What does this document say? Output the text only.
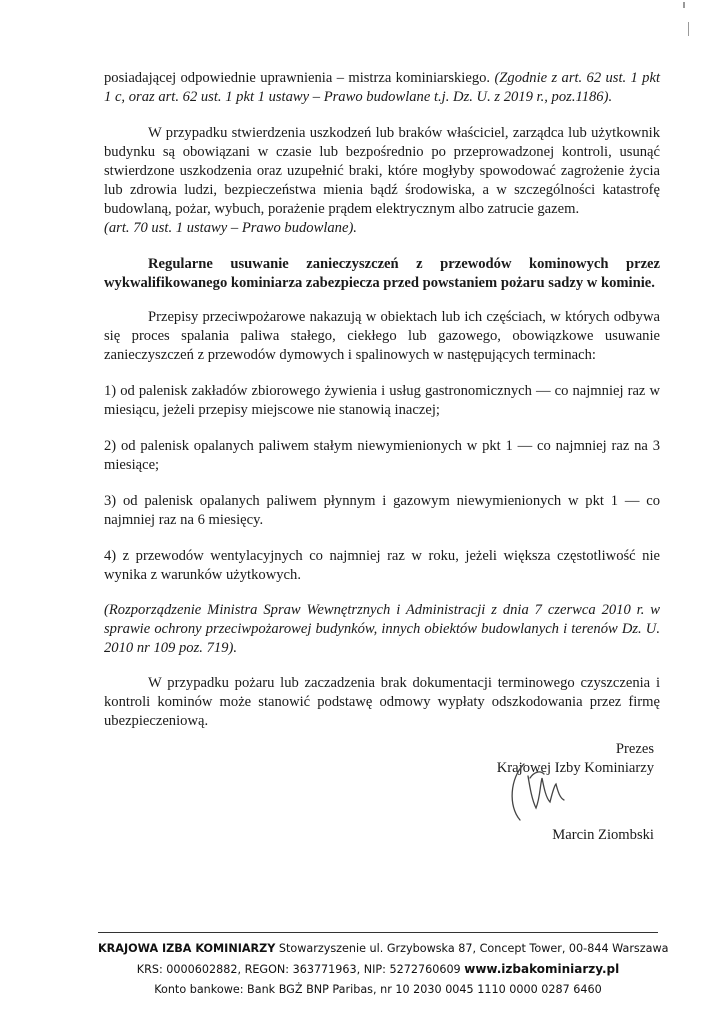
posiadającej odpowiednie uprawnienia – mistrza kominiarskiego. (Zgodnie z art. 62 ust. 1 pkt 1 c, oraz art. 62 ust. 1 pkt 1 ustawy – Prawo budowlane t.j. Dz. U. z 2019 r., poz.1186).

W przypadku stwierdzenia uszkodzeń lub braków właściciel, zarządca lub użytkownik budynku są obowiązani w czasie lub bezpośrednio po przeprowadzonej kontroli, usunąć stwierdzone uszkodzenia oraz uzupełnić braki, które mogłyby spowodować zagrożenie życia lub zdrowia ludzi, bezpieczeństwa mienia bądź środowiska, a w szczególności katastrofę budowlaną, pożar, wybuch, porażenie prądem elektrycznym albo zatrucie gazem.

(art. 70 ust. 1 ustawy – Prawo budowlane).

Regularne usuwanie zanieczyszczeń z przewodów kominowych przez wykwalifikowanego kominiarza zabezpiecza przed powstaniem pożaru sadzy w kominie.

Przepisy przeciwpożarowe nakazują w obiektach lub ich częściach, w których odbywa się proces spalania paliwa stałego, ciekłego lub gazowego, obowiązkowe usuwanie zanieczyszczeń z przewodów dymowych i spalinowych w następujących terminach:

1) od palenisk zakładów zbiorowego żywienia i usług gastronomicznych — co najmniej raz w miesiącu, jeżeli przepisy miejscowe nie stanowią inaczej;

2) od palenisk opalanych paliwem stałym niewymienionych w pkt 1 — co najmniej raz na 3 miesiące;

3) od palenisk opalanych paliwem płynnym i gazowym niewymienionych w pkt 1 — co najmniej raz na 6 miesięcy.

4) z przewodów wentylacyjnych co najmniej raz w roku, jeżeli większa częstotliwość nie wynika z warunków użytkowych.

(Rozporządzenie Ministra Spraw Wewnętrznych i Administracji z dnia 7 czerwca 2010 r. w sprawie ochrony przeciwpożarowej budynków, innych obiektów budowlanych i terenów Dz. U. 2010 nr 109 poz. 719).

W przypadku pożaru lub zaczadzenia brak dokumentacji terminowego czyszczenia i kontroli kominów może stanowić podstawę odmowy wypłaty odszkodowania przez firmę ubezpieczeniową.

Prezes
Krajowej Izby Kominiarzy
Marcin Ziombski
KRAJOWA IZBA KOMINIARZY Stowarzyszenie ul. Grzybowska 87, Concept Tower, 00-844 Warszawa
KRS: 0000602882, REGON: 363771963, NIP: 5272760609 www.izbakominiarzy.pl
Konto bankowe: Bank BGŻ BNP Paribas, nr 10 2030 0045 1110 0000 0287 6460
